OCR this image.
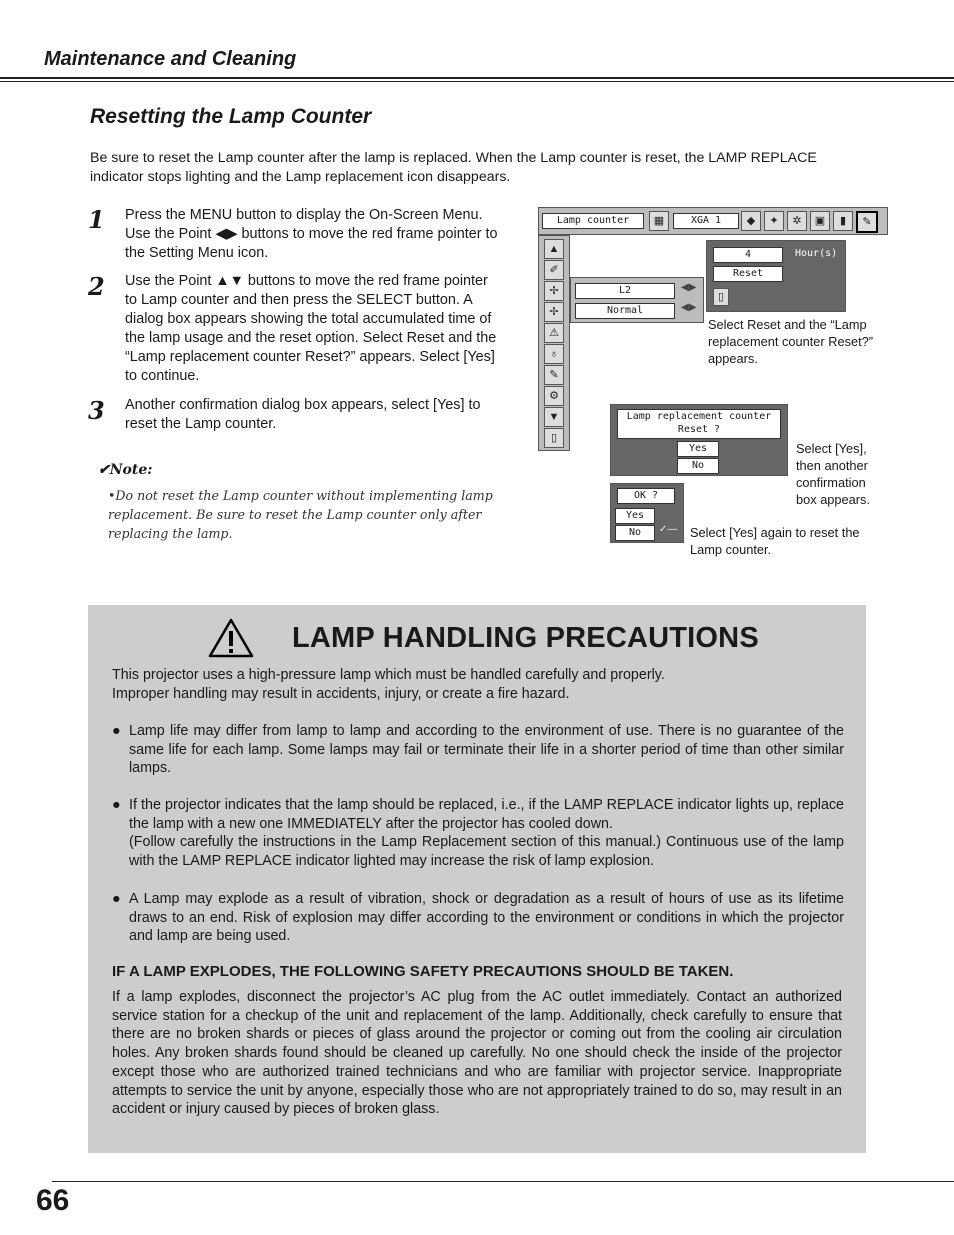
Maintenance and Cleaning
Resetting the Lamp Counter
Be sure to reset the Lamp counter after the lamp is replaced. When the Lamp counter is reset, the LAMP REPLACE indicator stops lighting and the Lamp replacement icon disappears.
1 Press the MENU button to display the On-Screen Menu. Use the Point ◀▶ buttons to move the red frame pointer to the Setting Menu icon.
2 Use the Point ▲▼ buttons to move the red frame pointer to Lamp counter and then press the SELECT button. A dialog box appears showing the total accumulated time of the lamp usage and the reset option. Select Reset and the “Lamp replacement counter Reset?” appears. Select [Yes] to continue.
3 Another confirmation dialog box appears, select [Yes] to reset the Lamp counter.
✔Note:
•Do not reset the Lamp counter without implementing lamp replacement. Be sure to reset the Lamp counter only after replacing the lamp.
Lamp counter	▦	XGA 1	◆	✦	✲	▣	▮	✎
▲
✐
✢
✢
⚠
♁
✎
⚙
▼
▯
L2	◀▶
Normal	◀▶
4	Hour(s)
Reset
▯
Select Reset and the “Lamp replacement counter Reset?” appears.
Lamp replacement counter
Reset ?
Yes
No
Select [Yes], then another confirmation box appears.
OK ?
Yes
No	✓— Select [Yes] again to reset the Lamp counter.
LAMP HANDLING PRECAUTIONS
This projector uses a high-pressure lamp which must be handled carefully and properly.
Improper handling may result in accidents, injury, or create a fire hazard.
● Lamp life may differ from lamp to lamp and according to the environment of use. There is no guarantee of the same life for each lamp. Some lamps may fail or terminate their life in a shorter period of time than other similar lamps.
● If the projector indicates that the lamp should be replaced, i.e., if the LAMP REPLACE indicator lights up, replace the lamp with a new one IMMEDIATELY after the projector has cooled down.
(Follow carefully the instructions in the Lamp Replacement section of this manual.) Continuous use of the lamp with the LAMP REPLACE indicator lighted may increase the risk of lamp explosion.
● A Lamp may explode as a result of vibration, shock or degradation as a result of hours of use as its lifetime draws to an end. Risk of explosion may differ according to the environment or conditions in which the projector and lamp are being used.
IF A LAMP EXPLODES, THE FOLLOWING SAFETY PRECAUTIONS SHOULD BE TAKEN.
If a lamp explodes, disconnect the projector’s AC plug from the AC outlet immediately. Contact an authorized service station for a checkup of the unit and replacement of the lamp. Additionally, check carefully to ensure that there are no broken shards or pieces of glass around the projector or coming out from the cooling air circulation holes. Any broken shards found should be cleaned up carefully. No one should check the inside of the projector except those who are authorized trained technicians and who are familiar with projector service. Inappropriate attempts to service the unit by anyone, especially those who are not appropriately trained to do so, may result in an accident or injury caused by pieces of broken glass.
66
